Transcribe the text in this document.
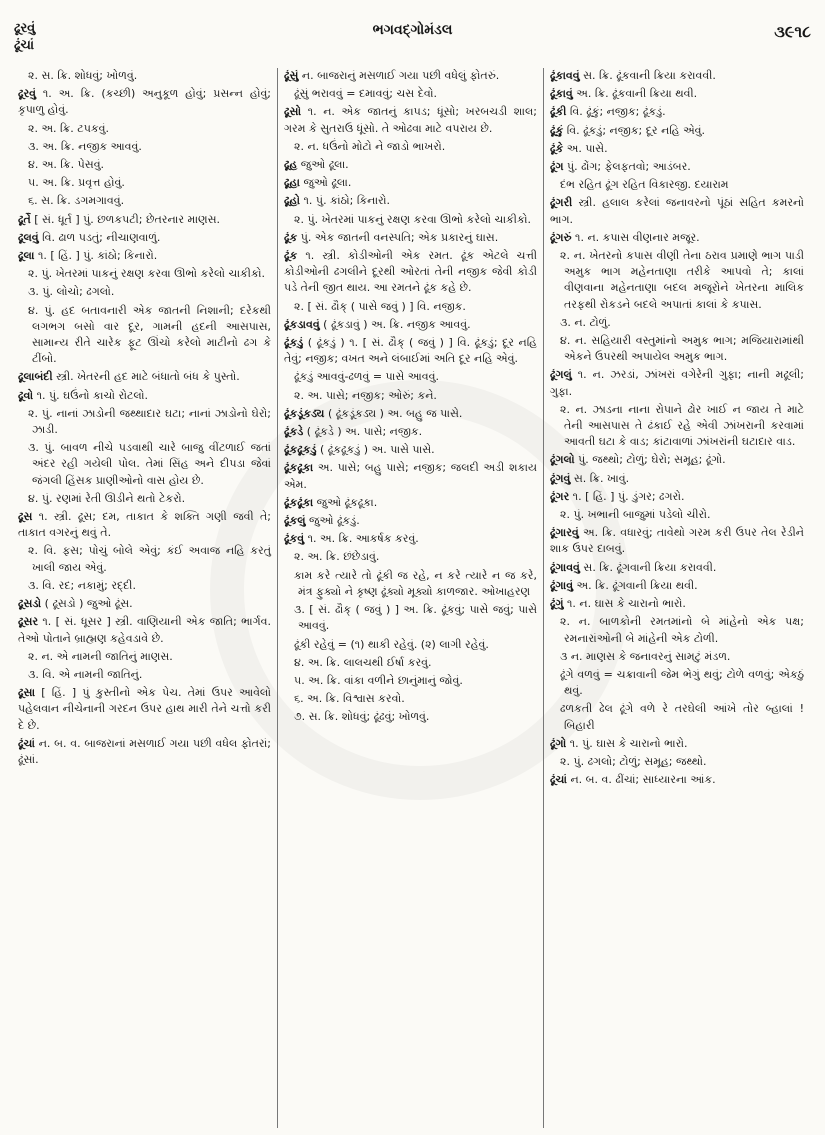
ઢૂરવું
ઢૂંચાં
ભગવદ્ગોમંડલ	૩૯૧૮

૨. સ. ક્રિ. શોધવું; ખોળવું.

ઢૂરવું ૧. અ. ક્રિ. (કચ્છી) અનુકૂળ હોવું; પ્રસન્ન હોવું; કૃપાળુ હોવું.

૨. અ. ક્રિ. ટપકવું.

૩. અ. ક્રિ. નજીક આવવું.

૪. અ. ક્રિ. પેસવું.

૫. અ. ક્રિ. પ્રવૃત્ત હોવું.

૬. સ. ક્રિ. ડગમગાવવું.

ઢૂર્તે [ સં. ધૂર્ત ] પું. છળકપટી; છેતરનાર માણસ.

ઢૂલવું વિ. ઢાળ પડતું; નીચાણવાળું.

ઢૂલા ૧. [ હિં. ] પું. કાંઠો; કિનારો.

૨. પું. ખેતરમાં પાકનું રક્ષણ કરવા ઊભો કરેલો ચાકીકો.

૩. પું. લોચો; ઢગલો.

૪. પું. હદ બતાવનારી એક જાતની નિશાની; દરેકથી લગભગ બસો વાર દૂર, ગામની હદની આસપાસ, સામાન્ય રીતે ચારેક ફૂટ ઊંચો કરેલો માટીનો ઢગ કે ટીંબો.

ઢૂલાબંદી સ્ત્રી. ખેતરની હદ માટે બંધાતો બંધ કે પુસ્તો.

ઢૂવો ૧. પું. ઘઉંનો કાચો રોટલો.

૨. પું. નાનાં ઝાડોની જથ્થાદાર ઘટા; નાનાં ઝાડોનો ઘેરો; ઝાડી.

૩. પું. બાવળ નીચે પડવાથી ચારે બાજુ વીંટળાઈ જતાં અંદર રહી ગયેલી પોલ. તેમાં સિંહ અને દીપડા જેવાં જંગલી હિંસક પ્રાણીઓનો વાસ હોય છે.

૪. પું. રણમાં રેતી ઊડીને થતો ટેકરો.

ઢૂસ ૧. સ્ત્રી. ઢૂસ; દમ, તાકાત કે શક્તિ ગણી જવી તે; તાકાત વગરનું થવું તે.

૨. વિ. ફસ; પોચું બોલે એવું; કંઈ અવાજ નહિ કરતું ખાલી જાય એવું.

૩. વિ. રદ; નકામું; રદ્દી.

ઢૂસડો ( ઢૂસડો ) જુઓ ઢૂંસ.

ઢૂસર ૧. [ સં. ધૂસર ] સ્ત્રી. વાણિયાની એક જાતિ; ભાર્ગવ. તેઓ પોતાને બ્રાહ્મણ કહેવડાવે છે.

૨. ન. એ નામની જાતિનું માણસ.

૩. વિ. એ નામની જાતિનું.

ઢૂસા [ હિં. ] પું કુસ્તીનો એક પેચ. તેમાં ઉપર આવેલો પહેલવાન નીચેનાની ગરદન ઉપર હાથ મારી તેને ચત્તો કરી દે છે.

ઢૂંચાં ન. બ. વ. બાજરાનાં મસળાઈ ગયા પછી વધેલ ફોતરાં; ઢૂંસાં.

ઢૂંસું ન. બાજરાનું મસળાઈ ગયા પછી વધેલું ફોતરું.

ઢૂંસું ભરાવવું = દમાવવું; ચસ દેવો.

ઢૂસો ૧. ન. એક જાતનું કાપડ; ધૂંસો; ખરબચડી શાલ; ગરમ કે સુતરાઉ ધૂંસો. તે ઓઢવા માટે વપરાય છે.

૨. ન. ધઉંનો મોટો ને જાડો ભાખરો.

ઢૂહ જુઓ ઢૂલા.

ઢૂહા જુઓ ઢૂલા.

ઢૂહો ૧. પું. કાંઠો; કિનારો.

૨. પું. ખેતરમાં પાકનું રક્ષણ કરવા ઊભો કરેલો ચાકીકો.

ઢૂંક પું. એક જાતની વનસ્પતિ; એક પ્રકારનું ઘાસ.

ઢૂંક ૧. સ્ત્રી. કોડીઓની એક રમત. ઢૂંક એટલે ચત્તી કોડીઓની ઢગલીને દૂરથી ઓરતાં તેની નજીક જેવી કોડી પડે તેની જીત થાય. આ રમતને ઢૂંક કહે છે.

૨. [ સં. ઢૌક્ ( પાસે જવું ) ] વિ. નજીક.

ઢૂંકડાવવું ( ઢૂંકડાવું ) અ. ક્રિ. નજીક આવવું.

ઢૂંકડું ( ઢૂંકડું ) ૧. [ સં. ઢૌક્ ( જવું ) ] વિ. ઢૂંકડું; દૂર નહિ તેવું; નજીક; વખત અને લંબાઈમાં અતિ દૂર નહિ એવું.

ઢૂંકડું આવવું-ઢળવું = પાસે આવવું.

૨. અ. પાસે; નજીક; ઓરું; કને.

ઢૂંકડૂંકડ્ય ( ઢૂંકડૂંકડ્ય ) અ. બહુ જ પાસે.

ઢૂંકડે ( ઢૂંકડે ) અ. પાસે; નજીક.

ઢૂંકઢૂકડું ( ઢૂંકઢૂકડું ) અ. પાસે પાસે.

ઢૂંકઢૂકા અ. પાસે; બહુ પાસે; નજીક; જલદી અડી શકાય એમ.

ઢૂંકઢૂંકા જુઓ ઢૂંકઢૂકા.

ઢૂંકલું જુઓ ઢૂંકડું.

ઢૂંકવું ૧. અ. ક્રિ. આકર્ષક કરવું.

૨. અ. ક્રિ. છંછેડાવું.

કામ કરે ત્યારે તો ઢૂંકી જ રહે, ન કરે ત્યારે ન જ કરે, મંત્ર ફુક્યો ને કૃષ્ણ ઢૂંક્યો મૂક્યો કાળજાર. ઓખાહરણ

૩. [ સં. ઢૌક્ ( જવું ) ] અ. ક્રિ. ઢૂંકવું; પાસે જવું; પાસે આવવું.

ઢૂંકી રહેવું = (૧) થાકી રહેવું. (૨) લાગી રહેવું.

૪. અ. ક્રિ. લાલચથી ઈર્ષા કરવું.

૫. અ. ક્રિ. વાંકા વળીને છાનુંમાનું જોવું.

૬. અ. ક્રિ. વિશ્વાસ કરવો.

૭. સ. ક્રિ. શોધવું; ઢૂંઢવું; ખોળવું.

ઢૂંકાવવું સ. ક્રિ. ઢૂંકવાની ક્રિયા કરાવવી.

ઢૂંકાવું અ. ક્રિ. ઢૂંકવાની ક્રિયા થવી.

ઢૂંકી વિ. ઢૂંકું; નજીક; ઢૂંકડું.

ઢૂંકું વિ. ઢૂંકડું; નજીક; દૂર નહિ એવું.

ઢૂંકે અ. પાસે.

ઢૂંગ પું. ઢોંગ; ફેલફતવો; આડંબર.

દંભ રહિત ઢૂંગ રહિત વિકારજી. દયારામ

ઢૂંગરી સ્ત્રી. હલાલ કરેલાં જનાવરનો પૂંઠાં સહિત કમરનો ભાગ.

ઢૂંગરું ૧. ન. કપાસ વીણનાર મજૂર.

૨. ન. ખેતરનો કપાસ વીણી તેના ઠરાવ પ્રમાણે ભાગ પાડી અમુક ભાગ મહેનતાણા તરીકે આપવો તે; કાલાં વીણવાના મહેનતાણા બદલ મજૂરોને ખેતરના માલિક તરફથી રોકડને બદલે અપાતાં કાલાં કે કપાસ.

૩. ન. ટોળું.

૪. ન. સહિયારી વસ્તુમાંનો અમુક ભાગ; મજિયારામાંથી એકને ઉપરથી અપાયેલ અમુક ભાગ.

ઢૂંગલું ૧. ન. ઝરડાં, ઝાંખરાં વગેરેની ગુફા; નાની મઢૂલી; ગુફા.

૨. ન. ઝાડના નાના રોપાને ઢોર ખાઈ ન જાય તે માટે તેની આસપાસ તે ઢંકાઈ રહે એવી ઝાંખરાની કરવામાં આવતી ઘટા કે વાડ; કાંટાવાળાં ઝાંખરાંની ઘટાદાર વાડ.

ઢૂંગલો પું. જથ્થો; ટોળું; ઘેરો; સમૂહ; ઢૂંગો.

ઢૂંગવું સ. ક્રિ. ખાવું.

ઢૂંગર ૧. [ હિં. ] પું. ડુંગર; ઢગરો.

૨. પું. ખભાની બાજુમાં પડેલો ચીરો.

ઢૂંગારવું અ. ક્રિ. વધારવું; તાવેથો ગરમ કરી ઉપર તેલ રેડીને શાક ઉપર દાબવું.

ઢૂંગાવવું સ. ક્રિ. ઢૂંગવાની ક્રિયા કરાવવી.

ઢૂંગાવું અ. ક્રિ. ઢૂંગવાની ક્રિયા થવી.

ઢૂંગું ૧. ન. ઘાસ કે ચારાનો ભારો.

૨. ન. બાળકોની રમતમાંનો બે માંહેનો એક પક્ષ; રમનારાંઓની બે માંહેની એક ટોળી.

૩ ન. માણસ કે જનાવરનું સામટું મંડળ.

ઢૂંગે વળવું = ચક્રાવાની જેમ ભેગું થવું; ટોળે વળવું; એકઠું થવું.

ઢળકતી ઢેલ ઢૂંગે વળે રે તરઘેલી આંખે તોર બ્હાલાં ! બિહારી

ઢૂંગો ૧. પું. ઘાસ કે ચારાનો ભારો.

૨. પું. ઢગલો; ટોળું; સમૂહ; જથ્થો.

ઢૂંચાં ન. બ. વ. ઢીંચાં; સાધ્યારના આંક.
